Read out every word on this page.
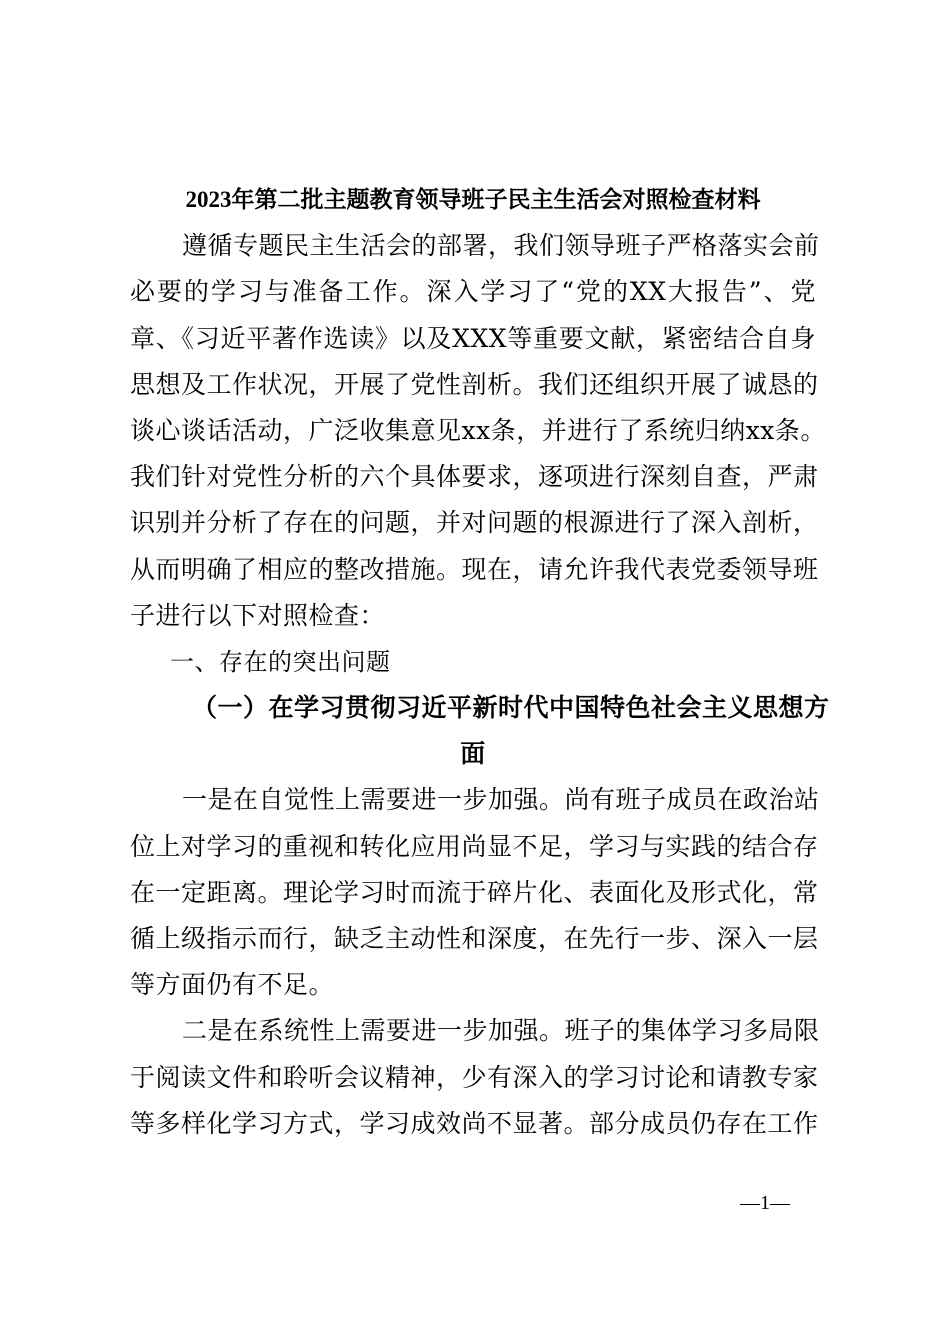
2023年第二批主题教育领导班子民主生活会对照检查材料
遵循专题民主生活会的部署，我们领导班子严格落实会前
必要的学习与准备工作。深入学习了“党的XX大报告”、党
章、《习近平著作选读》以及XXX等重要文献，紧密结合自身
思想及工作状况，开展了党性剖析。我们还组织开展了诚恳的
谈心谈话活动，广泛收集意见xx条，并进行了系统归纳xx条。
我们针对党性分析的六个具体要求，逐项进行深刻自查，严肃
识别并分析了存在的问题，并对问题的根源进行了深入剖析，
从而明确了相应的整改措施。现在，请允许我代表党委领导班
子进行以下对照检查：
一、存在的突出问题
（一）在学习贯彻习近平新时代中国特色社会主义思想方
面
一是在自觉性上需要进一步加强。尚有班子成员在政治站
位上对学习的重视和转化应用尚显不足，学习与实践的结合存
在一定距离。理论学习时而流于碎片化、表面化及形式化，常
循上级指示而行，缺乏主动性和深度，在先行一步、深入一层
等方面仍有不足。
二是在系统性上需要进一步加强。班子的集体学习多局限
于阅读文件和聆听会议精神，少有深入的学习讨论和请教专家
等多样化学习方式，学习成效尚不显著。部分成员仍存在工作
—1—
